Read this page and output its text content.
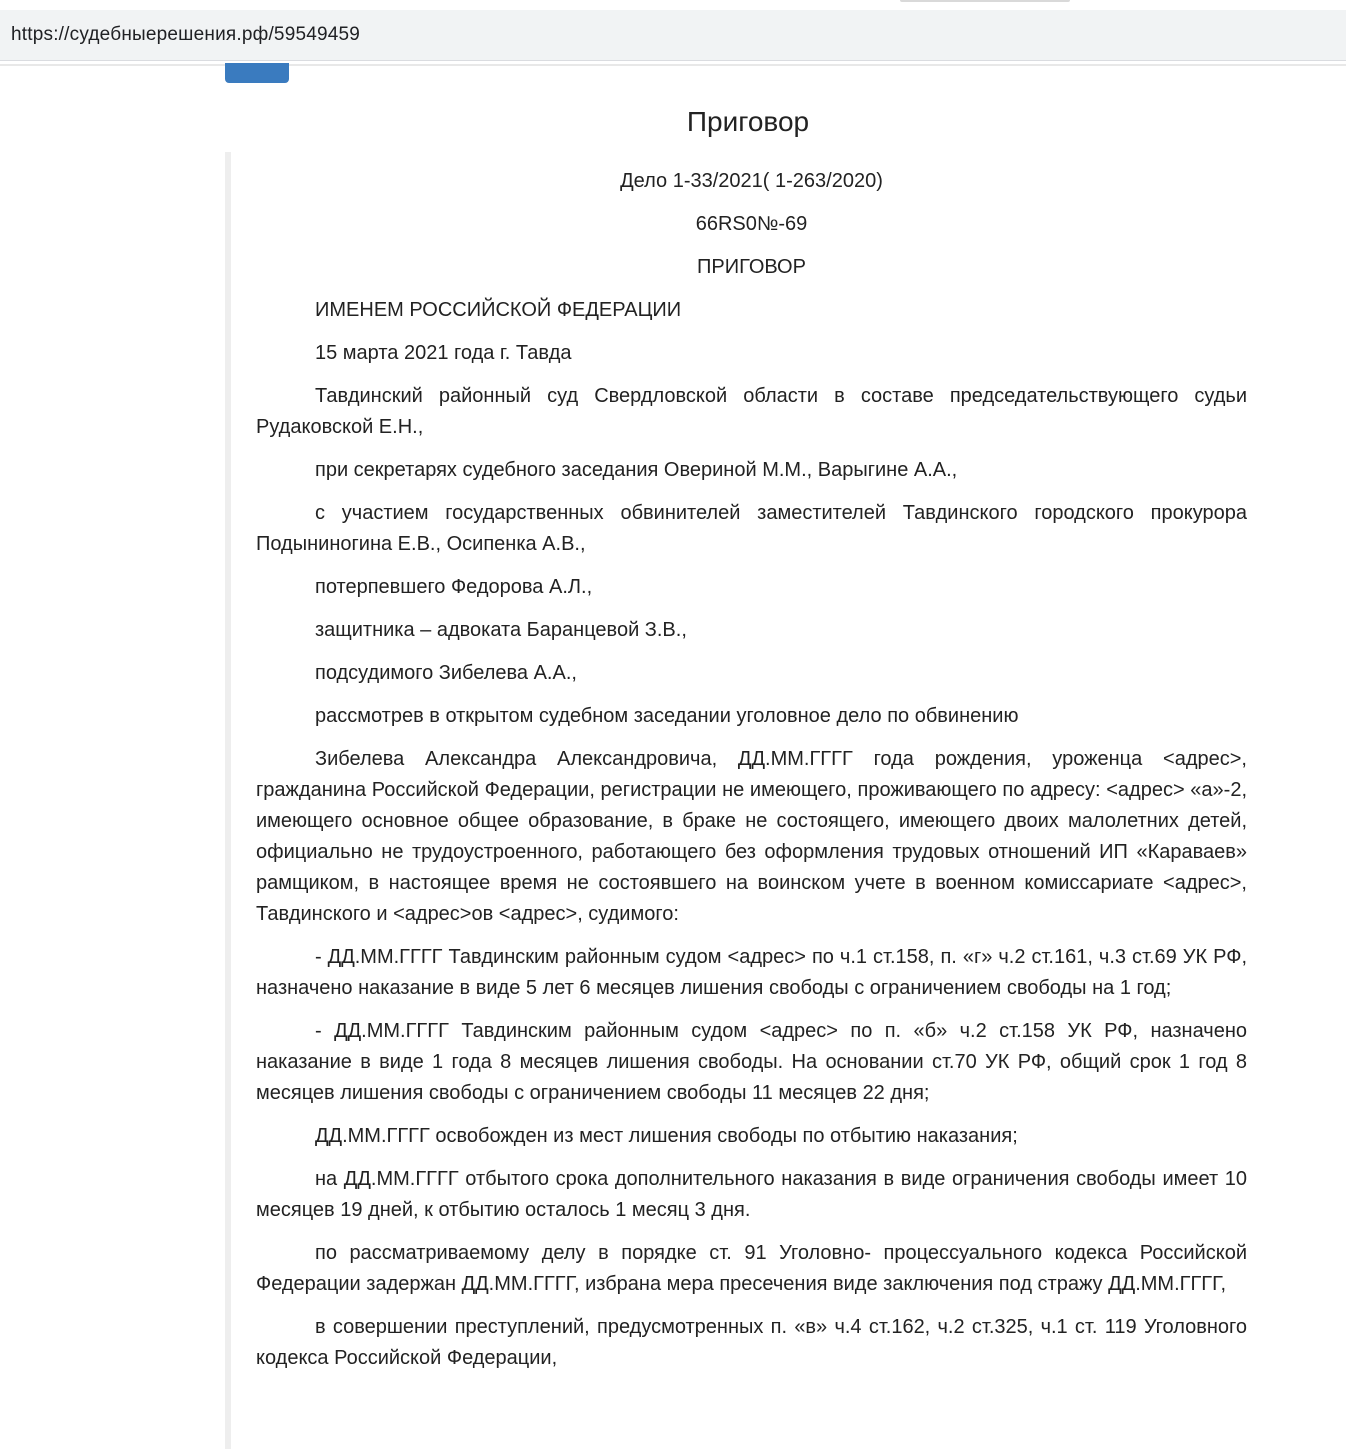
https://судебныерешения.рф/59549459
Приговор

Дело 1-33/2021( 1-263/2020)

66RS0№-69

ПРИГОВОР

ИМЕНЕМ РОССИЙСКОЙ ФЕДЕРАЦИИ

15 марта 2021 года г. Тавда

Тавдинский районный суд Свердловской области в составе председательствующего судьи Рудаковской Е.Н.,

при секретарях судебного заседания Овериной М.М., Варыгине А.А.,

с участием государственных обвинителей заместителей Тавдинского городского прокурора Подыниногина Е.В., Осипенка А.В.,

потерпевшего Федорова А.Л.,

защитника – адвоката Баранцевой З.В.,

подсудимого Зибелева А.А.,

рассмотрев в открытом судебном заседании уголовное дело по обвинению

Зибелева Александра Александровича, ДД.ММ.ГГГГ года рождения, уроженца <адрес>, гражданина Российской Федерации, регистрации не имеющего, проживающего по адресу: <адрес> «а»-2, имеющего основное общее образование, в браке не состоящего, имеющего двоих малолетних детей, официально не трудоустроенного, работающего без оформления трудовых отношений ИП «Караваев» рамщиком, в настоящее время не состоявшего на воинском учете в военном комиссариате <адрес>, Тавдинского и <адрес>ов <адрес>, судимого:

- ДД.ММ.ГГГГ Тавдинским районным судом <адрес> по ч.1 ст.158, п. «г» ч.2 ст.161, ч.3 ст.69 УК РФ, назначено наказание в виде 5 лет 6 месяцев лишения свободы с ограничением свободы на 1 год;

- ДД.ММ.ГГГГ Тавдинским районным судом <адрес> по п. «б» ч.2 ст.158 УК РФ, назначено наказание в виде 1 года 8 месяцев лишения свободы. На основании ст.70 УК РФ, общий срок 1 год 8 месяцев лишения свободы с ограничением свободы 11 месяцев 22 дня;

ДД.ММ.ГГГГ освобожден из мест лишения свободы по отбытию наказания;

на ДД.ММ.ГГГГ отбытого срока дополнительного наказания в виде ограничения свободы имеет 10 месяцев 19 дней, к отбытию осталось 1 месяц 3 дня.

по рассматриваемому делу в порядке ст. 91 Уголовно- процессуального кодекса Российской Федерации задержан ДД.ММ.ГГГГ, избрана мера пресечения виде заключения под стражу ДД.ММ.ГГГГ,

в совершении преступлений, предусмотренных п. «в» ч.4 ст.162, ч.2 ст.325, ч.1 ст. 119 Уголовного кодекса Российской Федерации,
